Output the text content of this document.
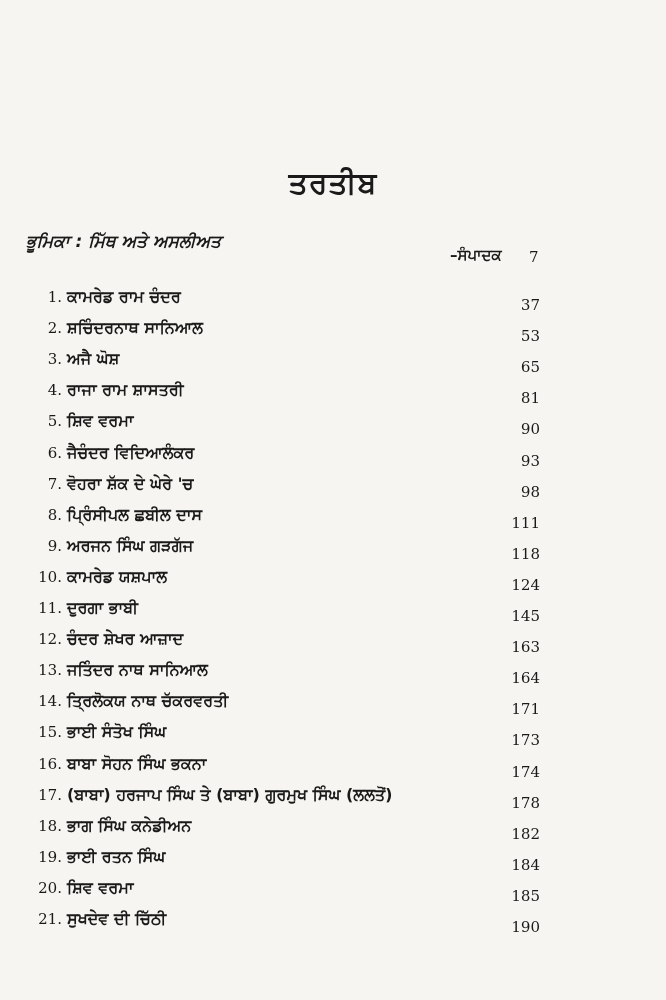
ਤਰਤੀਬ
ਭੂਮਿਕਾ : ਮਿੱਥ ਅਤੇ ਅਸਲੀਅਤ
–ਸੰਪਾਦਕ 7
1. ਕਾਮਰੇਡ ਰਾਮ ਚੰਦਰ	37
2. ਸ਼ਚਿੰਦਰਨਾਥ ਸਾਨਿਆਲ	53
3. ਅਜੈ ਘੋਸ਼	65
4. ਰਾਜਾ ਰਾਮ ਸ਼ਾਸਤਰੀ	81
5. ਸ਼ਿਵ ਵਰਮਾ	90
6. ਜੈਚੰਦਰ ਵਿਦਿਆਲੰਕਰ	93
7. ਵੋਹਰਾ ਸ਼ੱਕ ਦੇ ਘੇਰੇ 'ਚ	98
8. ਪ੍ਰਿੰਸੀਪਲ ਛਬੀਲ ਦਾਸ	111
9. ਅਰਜਨ ਸਿੰਘ ਗੜਗੱਜ	118
10. ਕਾਮਰੇਡ ਯਸ਼ਪਾਲ	124
11. ਦੁਰਗਾ ਭਾਬੀ	145
12. ਚੰਦਰ ਸ਼ੇਖਰ ਆਜ਼ਾਦ	163
13. ਜਤਿੰਦਰ ਨਾਥ ਸਾਨਿਆਲ	164
14. ਤ੍ਰਿਲੋਕਯ ਨਾਥ ਚੱਕਰਵਰਤੀ	171
15. ਭਾਈ ਸੰਤੋਖ ਸਿੰਘ	173
16. ਬਾਬਾ ਸੋਹਨ ਸਿੰਘ ਭਕਨਾ	174
17. (ਬਾਬਾ) ਹਰਜਾਪ ਸਿੰਘ ਤੇ (ਬਾਬਾ) ਗੁਰਮੁਖ ਸਿੰਘ (ਲਲਤੋਂ)	178
18. ਭਾਗ ਸਿੰਘ ਕਨੇਡੀਅਨ	182
19. ਭਾਈ ਰਤਨ ਸਿੰਘ	184
20. ਸ਼ਿਵ ਵਰਮਾ	185
21. ਸੁਖਦੇਵ ਦੀ ਚਿੱਠੀ	190
